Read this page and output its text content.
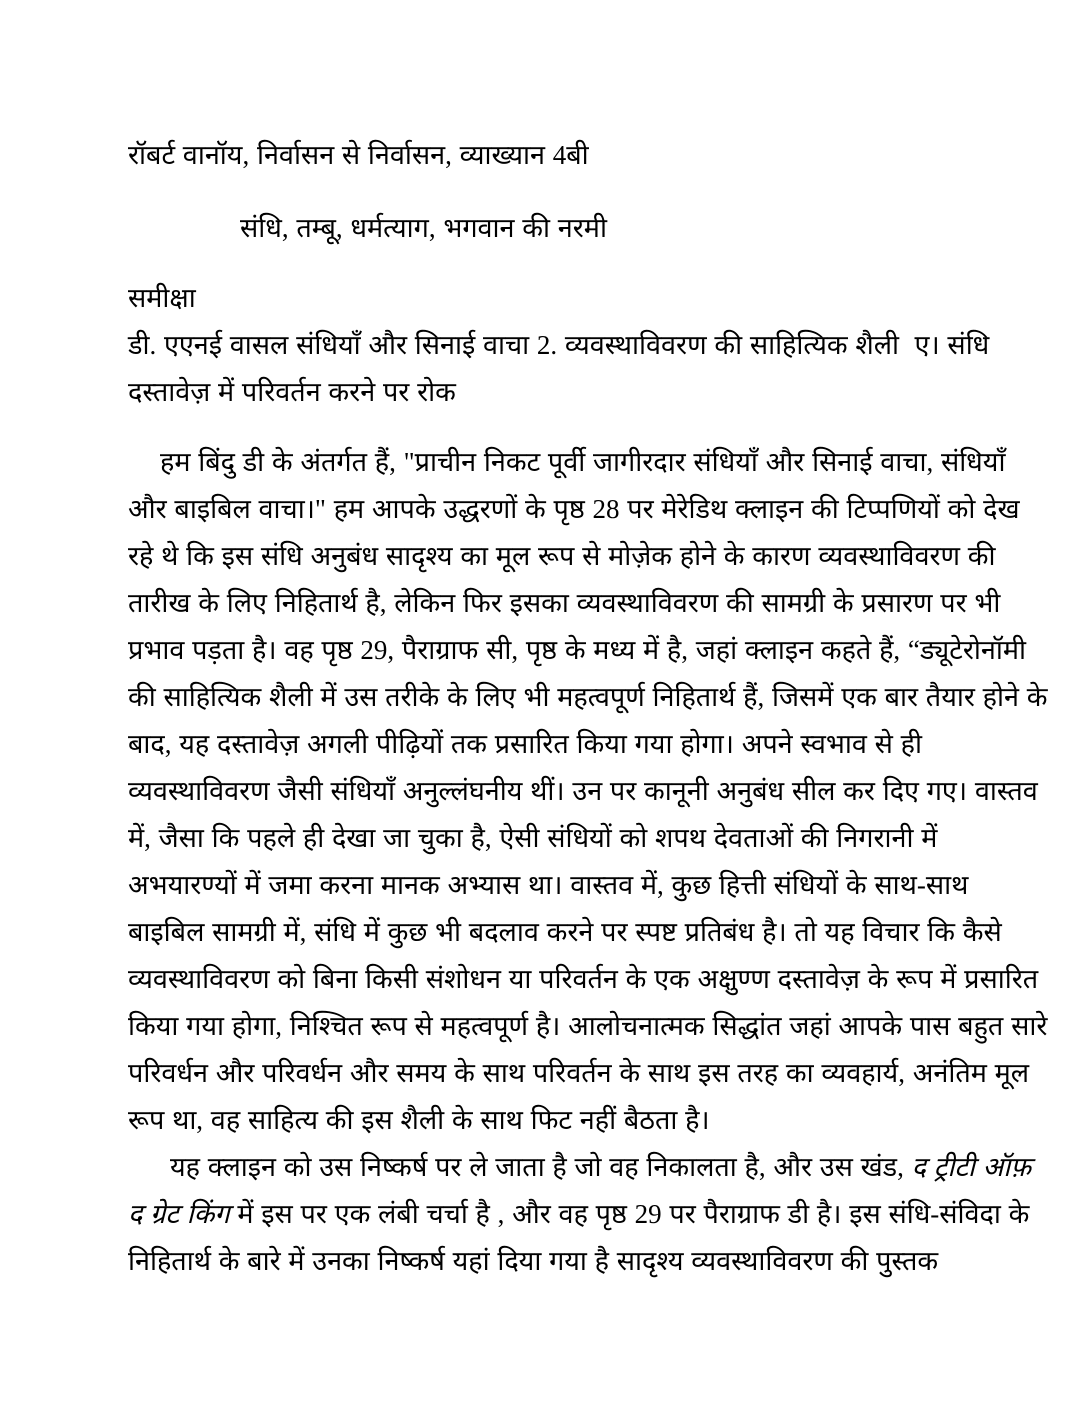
रॉबर्ट वानॉय, निर्वासन से निर्वासन, व्याख्यान 4बी

संधि, तम्बू, धर्मत्याग, भगवान की नरमी

समीक्षा

डी. एएनई वासल संधियाँ और सिनाई वाचा 2. व्यवस्थाविवरण की साहित्यिक शैली  ए। संधि दस्तावेज़ में परिवर्तन करने पर रोक

हम बिंदु डी के अंतर्गत हैं, "प्राचीन निकट पूर्वी जागीरदार संधियाँ और सिनाई वाचा, संधियाँ और बाइबिल वाचा।" हम आपके उद्धरणों के पृष्ठ 28 पर मेरेडिथ क्लाइन की टिप्पणियों को देख रहे थे कि इस संधि अनुबंध सादृश्य का मूल रूप से मोज़ेक होने के कारण व्यवस्थाविवरण की तारीख के लिए निहितार्थ है, लेकिन फिर इसका व्यवस्थाविवरण की सामग्री के प्रसारण पर भी प्रभाव पड़ता है। वह पृष्ठ 29, पैराग्राफ सी, पृष्ठ के मध्य में है, जहां क्लाइन कहते हैं, “ड्यूटेरोनॉमी की साहित्यिक शैली में उस तरीके के लिए भी महत्वपूर्ण निहितार्थ हैं, जिसमें एक बार तैयार होने के बाद, यह दस्तावेज़ अगली पीढ़ियों तक प्रसारित किया गया होगा। अपने स्वभाव से ही व्यवस्थाविवरण जैसी संधियाँ अनुल्लंघनीय थीं। उन पर कानूनी अनुबंध सील कर दिए गए। वास्तव में, जैसा कि पहले ही देखा जा चुका है, ऐसी संधियों को शपथ देवताओं की निगरानी में अभयारण्यों में जमा करना मानक अभ्यास था। वास्तव में, कुछ हित्ती संधियों के साथ-साथ बाइबिल सामग्री में, संधि में कुछ भी बदलाव करने पर स्पष्ट प्रतिबंध है। तो यह विचार कि कैसे व्यवस्थाविवरण को बिना किसी संशोधन या परिवर्तन के एक अक्षुण्ण दस्तावेज़ के रूप में प्रसारित किया गया होगा, निश्चित रूप से महत्वपूर्ण है। आलोचनात्मक सिद्धांत जहां आपके पास बहुत सारे परिवर्धन और परिवर्धन और समय के साथ परिवर्तन के साथ इस तरह का व्यवहार्य, अनंतिम मूल रूप था, वह साहित्य की इस शैली के साथ फिट नहीं बैठता है।

यह क्लाइन को उस निष्कर्ष पर ले जाता है जो वह निकालता है, और उस खंड, द ट्रीटी ऑफ़ द ग्रेट किंग में इस पर एक लंबी चर्चा है , और वह पृष्ठ 29 पर पैराग्राफ डी है। इस संधि-संविदा के निहितार्थ के बारे में उनका निष्कर्ष यहां दिया गया है सादृश्य व्यवस्थाविवरण की पुस्तक
